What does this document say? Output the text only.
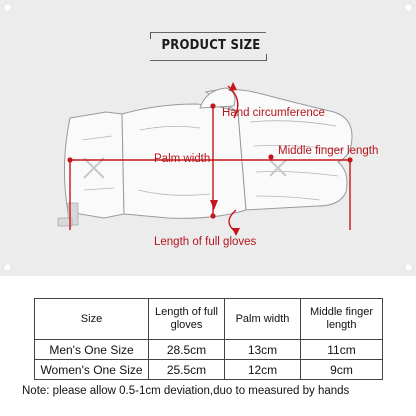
PRODUCT SIZE
Hand circumference
Palm width
Middle finger length
Length of full gloves
Size	Length of full gloves	Palm width	Middle finger length
Men's One Size	28.5cm	13cm	11cm
Women's One Size	25.5cm	12cm	9cm
Note: please allow 0.5-1cm deviation,duo to measured by hands
